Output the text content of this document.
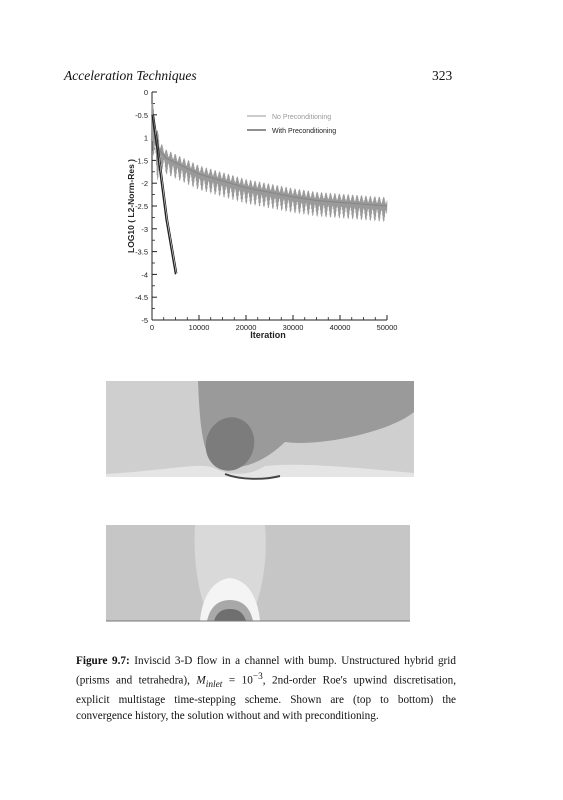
Acceleration Techniques	323
0
-0.5
1
-1.5
-2
-2.5
-3
-3.5
-4
-4.5
-5
0	10000	20000	30000	40000	50000
No Preconditioning
With Preconditioning
Iteration
LOG10 ( L2-Norm-Res )
Figure 9.7: Inviscid 3-D flow in a channel with bump. Unstructured hybrid grid (prisms and tetrahedra), $M_{inlet} = 10^{-3}$, 2nd-order Roe's upwind discretisation, explicit multistage time-stepping scheme. Shown are (top to bottom) the convergence history, the solution without and with preconditioning.
